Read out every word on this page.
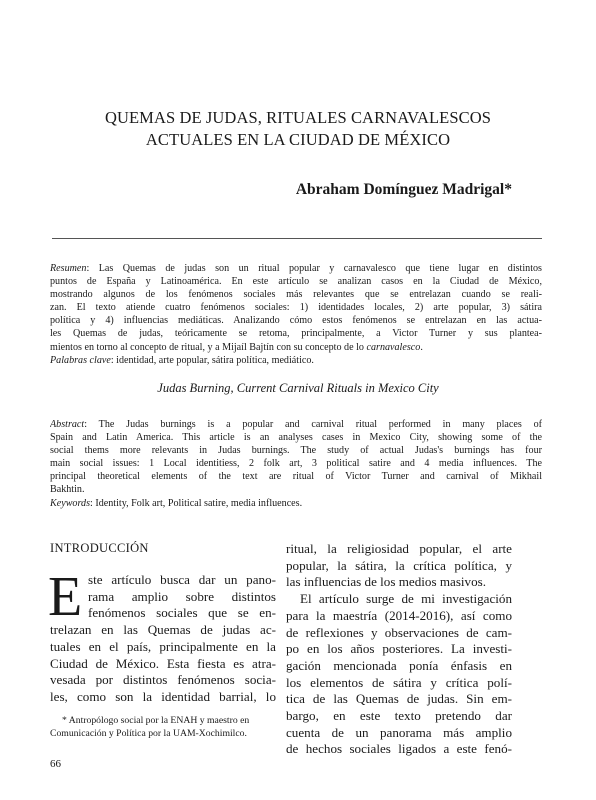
QUEMAS DE JUDAS, RITUALES CARNAVALESCOS
ACTUALES EN LA CIUDAD DE MÉXICO
Abraham Domínguez Madrigal*
Resumen: Las Quemas de judas son un ritual popular y carnavalesco que tiene lugar en distintos
puntos de España y Latinoamérica. En este artículo se analizan casos en la Ciudad de México,
mostrando algunos de los fenómenos sociales más relevantes que se entrelazan cuando se reali-
zan. El texto atiende cuatro fenómenos sociales: 1) identidades locales, 2) arte popular, 3) sátira
política y 4) influencias mediáticas. Analizando cómo estos fenómenos se entrelazan en las actua-
les Quemas de judas, teóricamente se retoma, principalmente, a Victor Turner y sus plantea-
mientos en torno al concepto de ritual, y a Mijaíl Bajtín con su concepto de lo carnavalesco.
Palabras clave: identidad, arte popular, sátira política, mediático.
Judas Burning, Current Carnival Rituals in Mexico City
Abstract: The Judas burnings is a popular and carnival ritual performed in many places of
Spain and Latin America. This article is an analyses cases in Mexico City, showing some of the
social thems more relevants in Judas burnings. The study of actual Judas's burnings has four
main social issues: 1 Local identitiess, 2 folk art, 3 political satire and 4 media influences. The
principal theoretical elements of the text are ritual of Victor Turner and carnival of Mikhail
Bakhtin.
Keywords: Identity, Folk art, Political satire, media influences.
INTRODUCCIÓN
E ste artículo busca dar un pano-
rama amplio sobre distintos
fenómenos sociales que se en-
trelazan en las Quemas de judas ac-
tuales en el país, principalmente en la
Ciudad de México. Esta fiesta es atra-
vesada por distintos fenómenos socia-
les, como son la identidad barrial, lo
ritual, la religiosidad popular, el arte
popular, la sátira, la crítica política, y
las influencias de los medios masivos.
El artículo surge de mi investigación
para la maestría (2014-2016), así como
de reflexiones y observaciones de cam-
po en los años posteriores. La investi-
gación mencionada ponía énfasis en
los elementos de sátira y crítica polí-
tica de las Quemas de judas. Sin em-
bargo, en este texto pretendo dar
cuenta de un panorama más amplio
de hechos sociales ligados a este fenó-
* Antropólogo social por la ENAH y maestro en
Comunicación y Política por la UAM-Xochimilco.
66
